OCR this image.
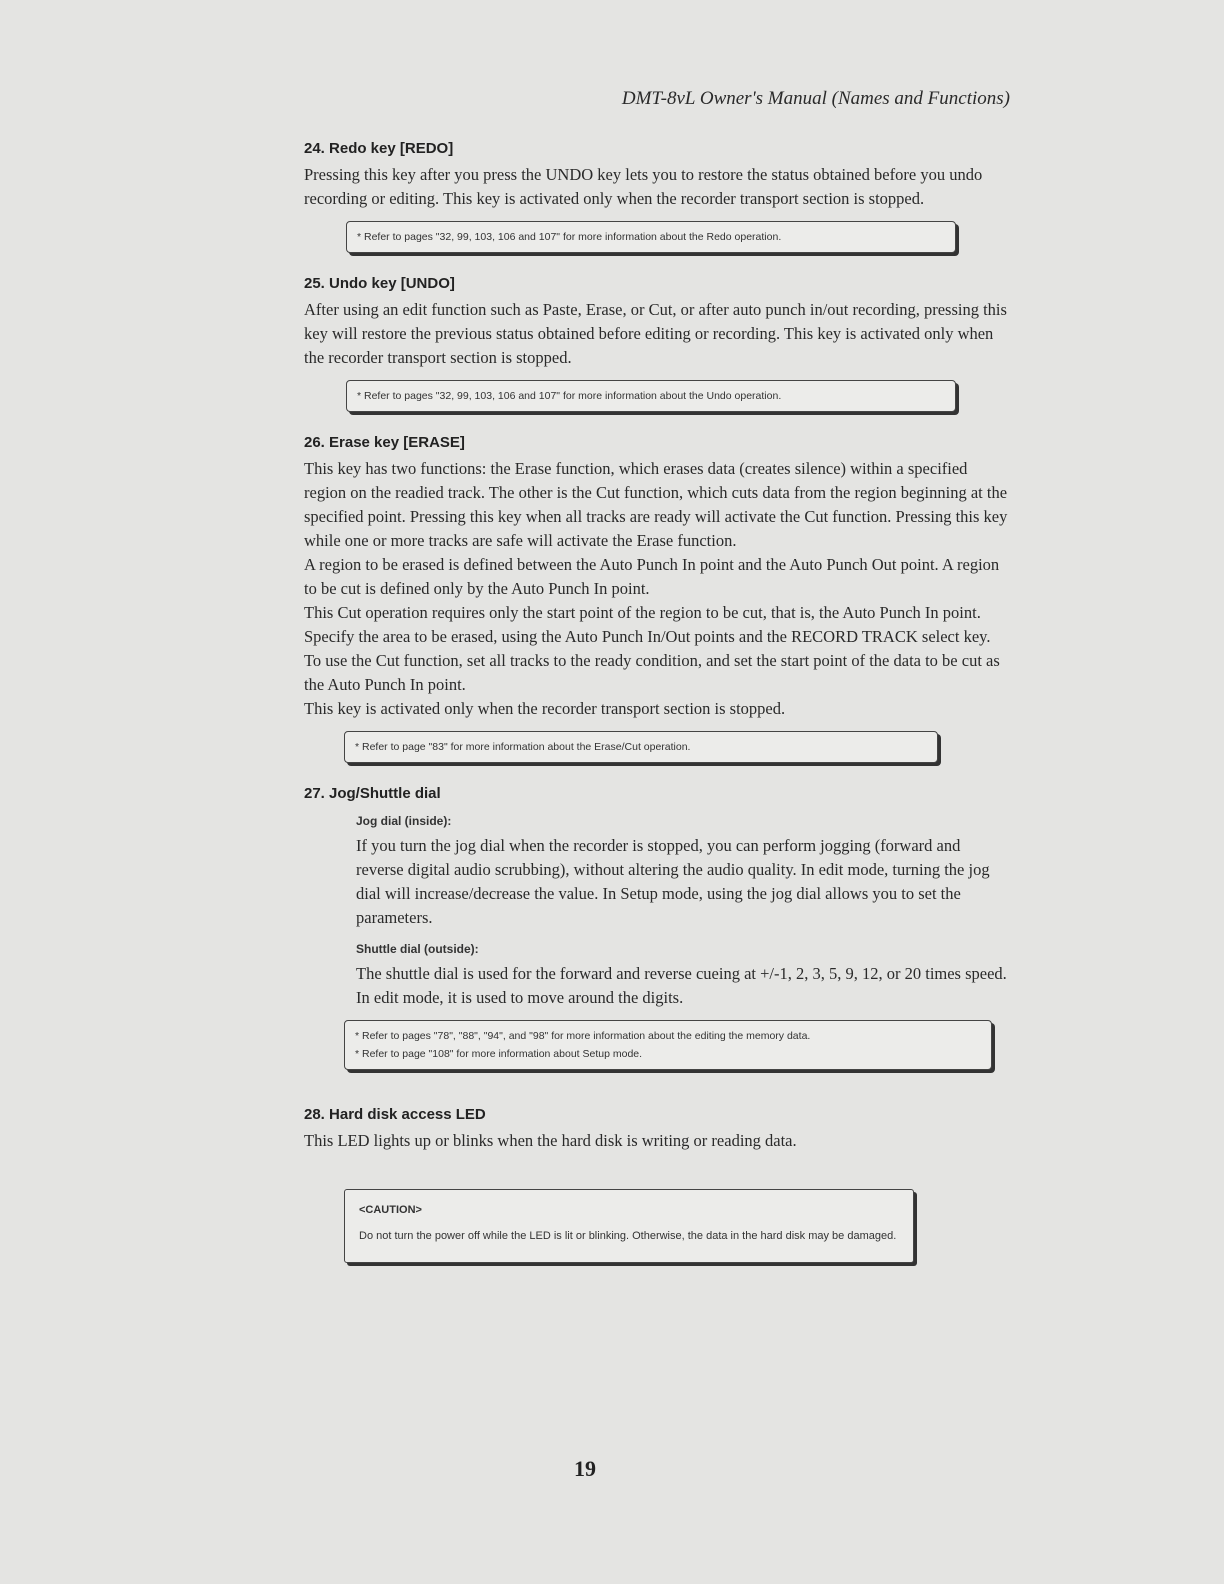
DMT-8vL Owner's Manual (Names and Functions)
24. Redo key [REDO]

Pressing this key after you press the UNDO key lets you to restore the status obtained before you undo recording or editing. This key is activated only when the recorder transport section is stopped.

* Refer to pages "32, 99, 103, 106 and 107" for more information about the Redo operation.
25. Undo key [UNDO]

After using an edit function such as Paste, Erase, or Cut, or after auto punch in/out recording, pressing this key will restore the previous status obtained before editing or recording. This key is activated only when the recorder transport section is stopped.

* Refer to pages "32, 99, 103, 106 and 107" for more information about the Undo operation.
26. Erase key [ERASE]

This key has two functions: the Erase function, which erases data (creates silence) within a specified region on the readied track. The other is the Cut function, which cuts data from the region beginning at the specified point. Pressing this key when all tracks are ready will activate the Cut function. Pressing this key while one or more tracks are safe will activate the Erase function.

A region to be erased is defined between the Auto Punch In point and the Auto Punch Out point. A region to be cut is defined only by the Auto Punch In point.

This Cut operation requires only the start point of the region to be cut, that is, the Auto Punch In point.

Specify the area to be erased, using the Auto Punch In/Out points and the RECORD TRACK select key. To use the Cut function, set all tracks to the ready condition, and set the start point of the data to be cut as the Auto Punch In point.

This key is activated only when the recorder transport section is stopped.

* Refer to page "83" for more information about the Erase/Cut operation.
27. Jog/Shuttle dial
Jog dial (inside):

If you turn the jog dial when the recorder is stopped, you can perform jogging (forward and reverse digital audio scrubbing), without altering the audio quality. In edit mode, turning the jog dial will increase/decrease the value. In Setup mode, using the jog dial allows you to set the parameters.

Shuttle dial (outside):

The shuttle dial is used for the forward and reverse cueing at +/-1, 2, 3, 5, 9, 12, or 20 times speed. In edit mode, it is used to move around the digits.

* Refer to pages "78", "88", "94", and "98" for more information about the editing the memory data.
* Refer to page "108" for more information about Setup mode.
28. Hard disk access LED

This LED lights up or blinks when the hard disk is writing or reading data.

<CAUTION>
Do not turn the power off while the LED is lit or blinking. Otherwise, the data in the hard disk may be damaged.
19
